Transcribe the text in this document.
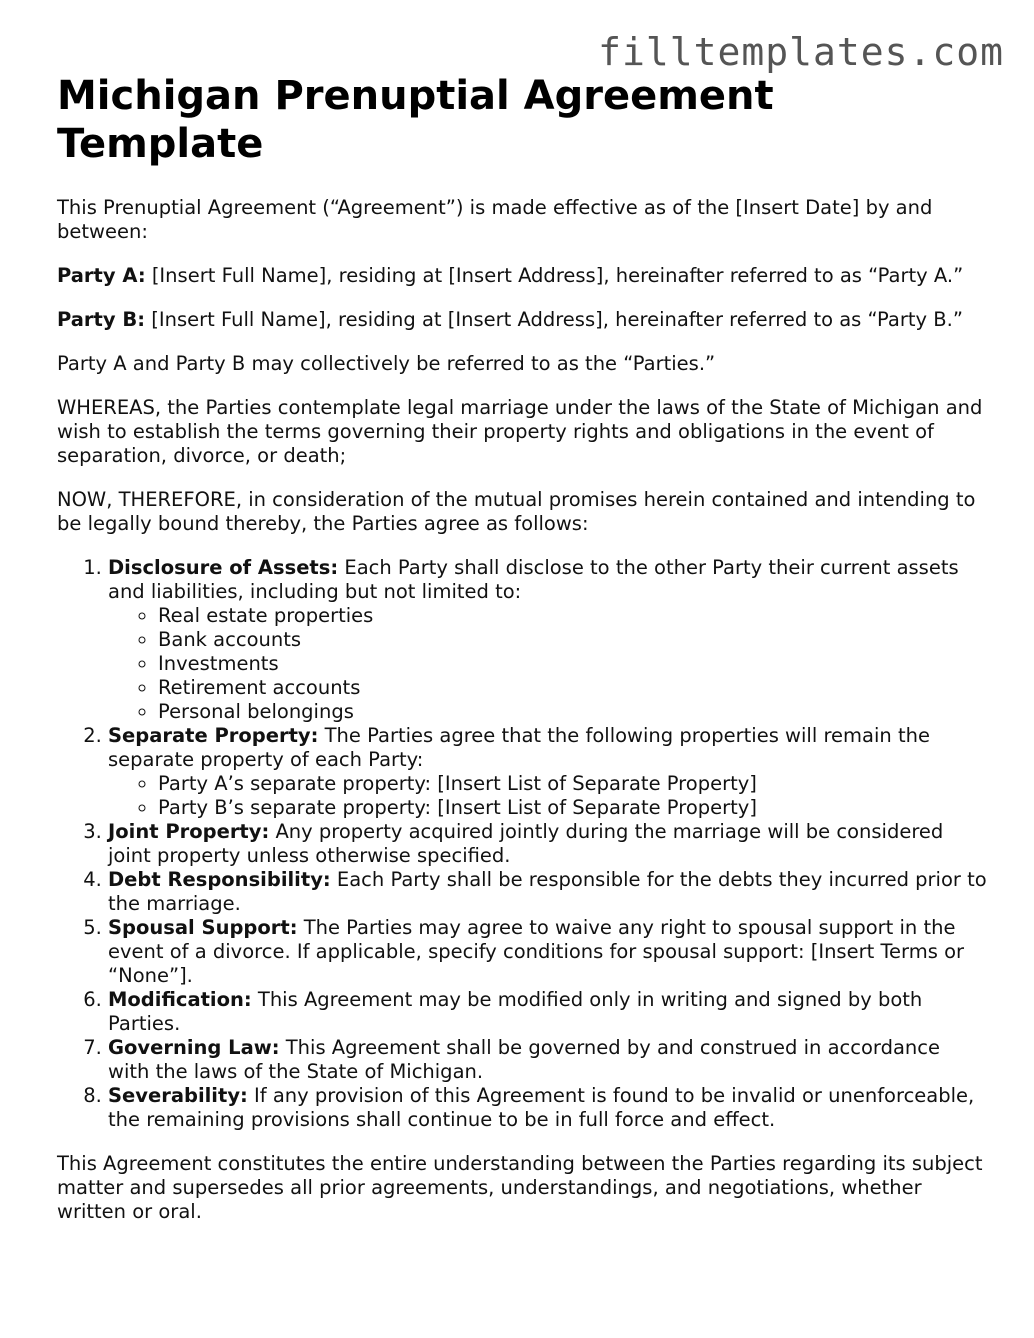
filltemplates.com
Michigan Prenuptial Agreement Template

This Prenuptial Agreement (“Agreement”) is made effective as of the [Insert Date] by and between:

Party A: [Insert Full Name], residing at [Insert Address], hereinafter referred to as “Party A.”

Party B: [Insert Full Name], residing at [Insert Address], hereinafter referred to as “Party B.”

Party A and Party B may collectively be referred to as the “Parties.”

WHEREAS, the Parties contemplate legal marriage under the laws of the State of Michigan and wish to establish the terms governing their property rights and obligations in the event of separation, divorce, or death;

NOW, THEREFORE, in consideration of the mutual promises herein contained and intending to be legally bound thereby, the Parties agree as follows:

1. Disclosure of Assets: Each Party shall disclose to the other Party their current assets and liabilities, including but not limited to:
◦ Real estate properties
◦ Bank accounts
◦ Investments
◦ Retirement accounts
◦ Personal belongings
2. Separate Property: The Parties agree that the following properties will remain the separate property of each Party:
◦ Party A’s separate property: [Insert List of Separate Property]
◦ Party B’s separate property: [Insert List of Separate Property]
3. Joint Property: Any property acquired jointly during the marriage will be considered joint property unless otherwise specified.
4. Debt Responsibility: Each Party shall be responsible for the debts they incurred prior to the marriage.
5. Spousal Support: The Parties may agree to waive any right to spousal support in the event of a divorce. If applicable, specify conditions for spousal support: [Insert Terms or “None”].
6. Modification: This Agreement may be modified only in writing and signed by both Parties.
7. Governing Law: This Agreement shall be governed by and construed in accordance with the laws of the State of Michigan.
8. Severability: If any provision of this Agreement is found to be invalid or unenforceable, the remaining provisions shall continue to be in full force and effect.

This Agreement constitutes the entire understanding between the Parties regarding its subject matter and supersedes all prior agreements, understandings, and negotiations, whether written or oral.
